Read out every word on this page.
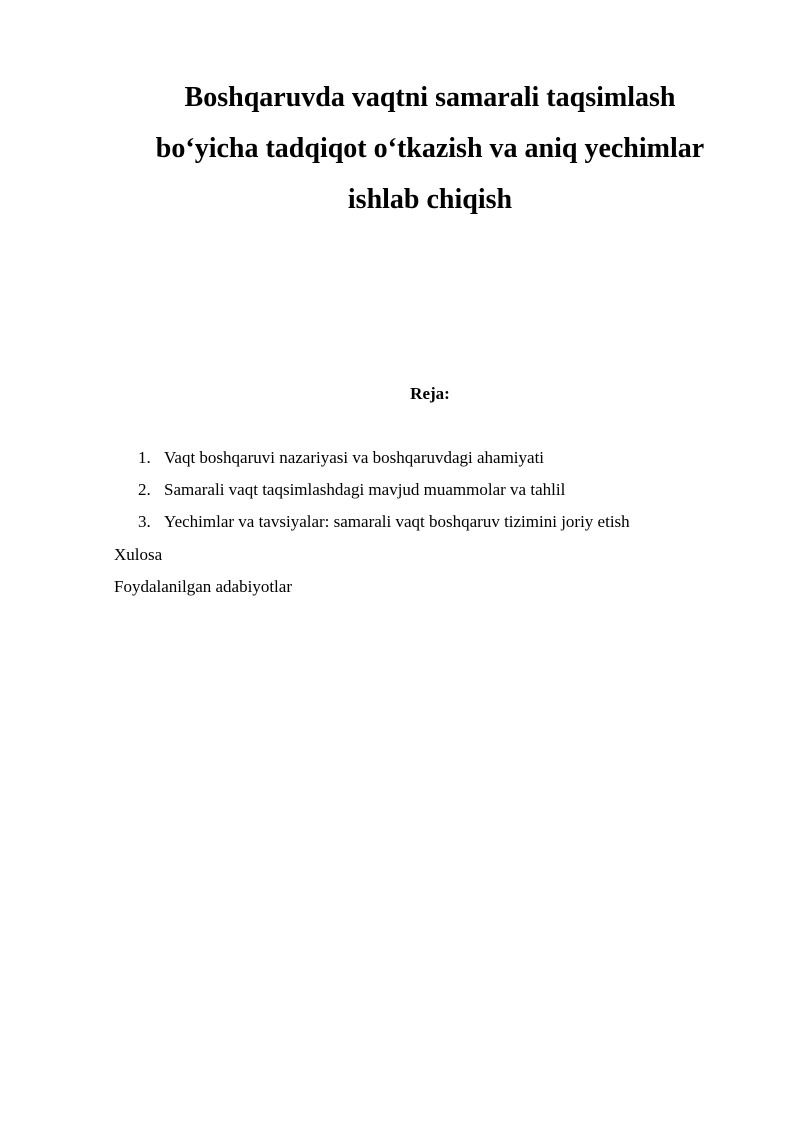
Boshqaruvda vaqtni samarali taqsimlash
bo‘yicha tadqiqot o‘tkazish va aniq yechimlar
ishlab chiqish
Reja:
1. Vaqt boshqaruvi nazariyasi va boshqaruvdagi ahamiyati
2. Samarali vaqt taqsimlashdagi mavjud muammolar va tahlil
3. Yechimlar va tavsiyalar: samarali vaqt boshqaruv tizimini joriy etish
Xulosa
Foydalanilgan adabiyotlar
